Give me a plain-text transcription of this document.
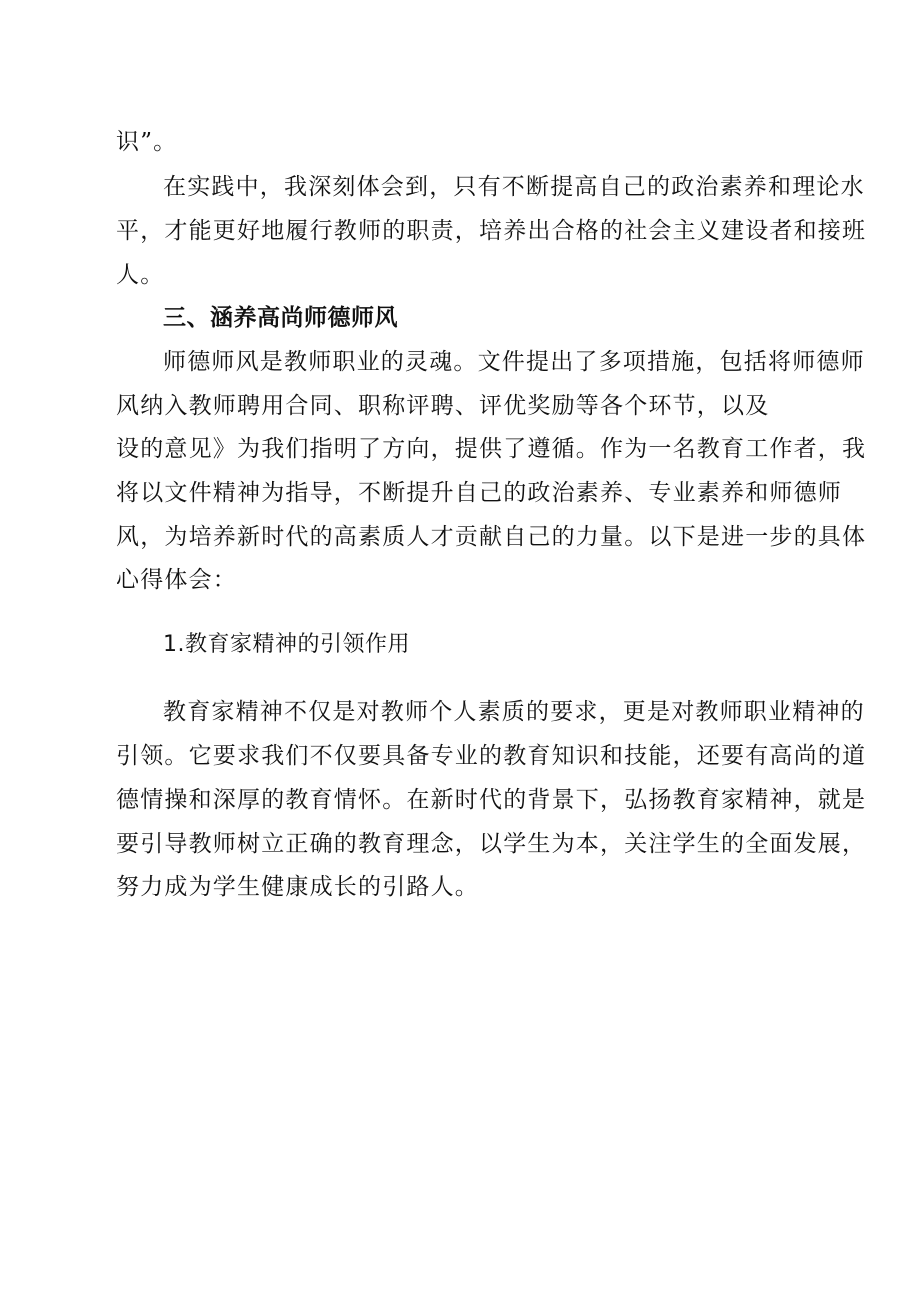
识”。
在实践中，我深刻体会到，只有不断提高自己的政治素养和理论水
平，才能更好地履行教师的职责，培养出合格的社会主义建设者和接班
人。
三、涵养高尚师德师风
师德师风是教师职业的灵魂。文件提出了多项措施，包括将师德师
风纳入教师聘用合同、职称评聘、评优奖励等各个环节，以及
设的意见》为我们指明了方向，提供了遵循。作为一名教育工作者，我
将以文件精神为指导，不断提升自己的政治素养、专业素养和师德师
风，为培养新时代的高素质人才贡献自己的力量。以下是进一步的具体
心得体会：
1.教育家精神的引领作用
教育家精神不仅是对教师个人素质的要求，更是对教师职业精神的
引领。它要求我们不仅要具备专业的教育知识和技能，还要有高尚的道
德情操和深厚的教育情怀。在新时代的背景下，弘扬教育家精神，就是
要引导教师树立正确的教育理念，以学生为本，关注学生的全面发展，
努力成为学生健康成长的引路人。
